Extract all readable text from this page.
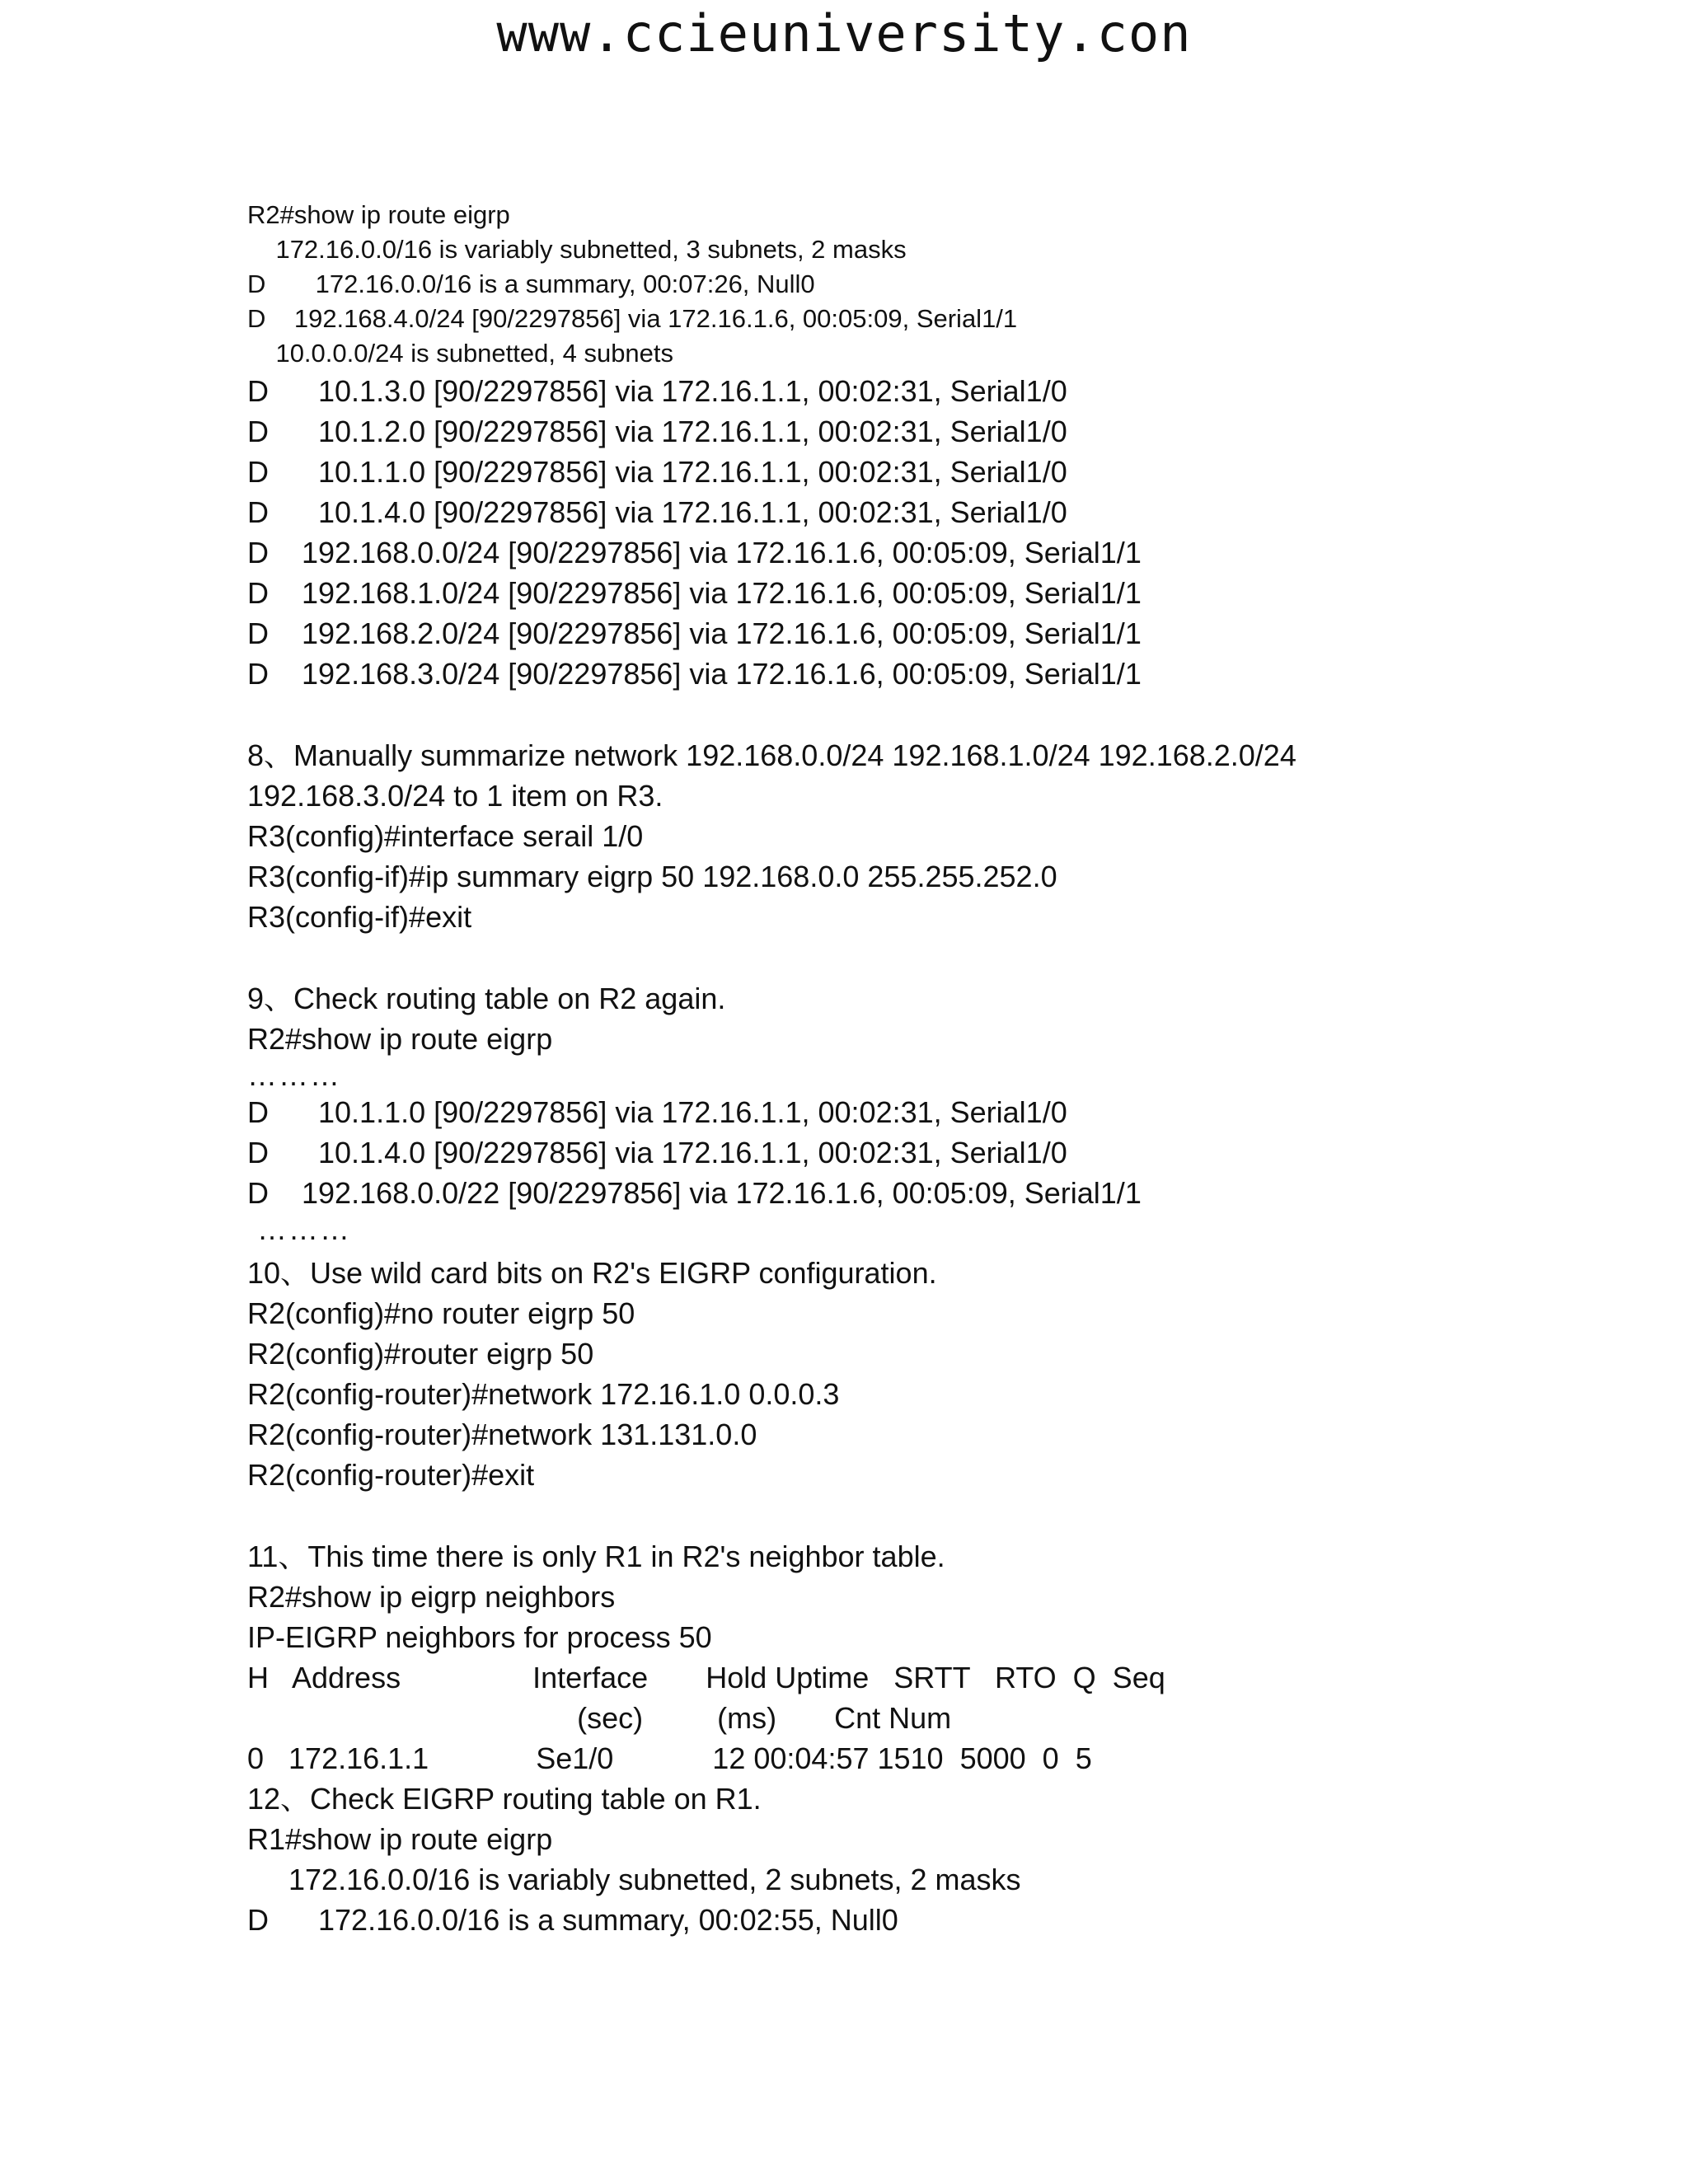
www.ccieuniversity.con
R2#show ip route eigrp
172.16.0.0/16 is variably subnetted, 3 subnets, 2 masks
D       172.16.0.0/16 is a summary, 00:07:26, Null0
D    192.168.4.0/24 [90/2297856] via 172.16.1.6, 00:05:09, Serial1/1
10.0.0.0/24 is subnetted, 4 subnets
D      10.1.3.0 [90/2297856] via 172.16.1.1, 00:02:31, Serial1/0
D      10.1.2.0 [90/2297856] via 172.16.1.1, 00:02:31, Serial1/0
D      10.1.1.0 [90/2297856] via 172.16.1.1, 00:02:31, Serial1/0
D      10.1.4.0 [90/2297856] via 172.16.1.1, 00:02:31, Serial1/0
D    192.168.0.0/24 [90/2297856] via 172.16.1.6, 00:05:09, Serial1/1
D    192.168.1.0/24 [90/2297856] via 172.16.1.6, 00:05:09, Serial1/1
D    192.168.2.0/24 [90/2297856] via 172.16.1.6, 00:05:09, Serial1/1
D    192.168.3.0/24 [90/2297856] via 172.16.1.6, 00:05:09, Serial1/1
8、Manually summarize network 192.168.0.0/24 192.168.1.0/24 192.168.2.0/24
192.168.3.0/24 to 1 item on R3.
R3(config)#interface serail 1/0
R3(config-if)#ip summary eigrp 50 192.168.0.0 255.255.252.0
R3(config-if)#exit
9、Check routing table on R2 again.
R2#show ip route eigrp
………
D      10.1.1.0 [90/2297856] via 172.16.1.1, 00:02:31, Serial1/0
D      10.1.4.0 [90/2297856] via 172.16.1.1, 00:02:31, Serial1/0
D    192.168.0.0/22 [90/2297856] via 172.16.1.6, 00:05:09, Serial1/1
………
10、Use wild card bits on R2's EIGRP configuration.
R2(config)#no router eigrp 50
R2(config)#router eigrp 50
R2(config-router)#network 172.16.1.0 0.0.0.3
R2(config-router)#network 131.131.0.0
R2(config-router)#exit
11、This time there is only R1 in R2's neighbor table.
R2#show ip eigrp neighbors
IP-EIGRP neighbors for process 50
H   Address                Interface       Hold Uptime   SRTT   RTO  Q  Seq
(sec)         (ms)       Cnt Num
0   172.16.1.1             Se1/0            12 00:04:57 1510  5000  0  5
12、Check EIGRP routing table on R1.
R1#show ip route eigrp
172.16.0.0/16 is variably subnetted, 2 subnets, 2 masks
D      172.16.0.0/16 is a summary, 00:02:55, Null0
